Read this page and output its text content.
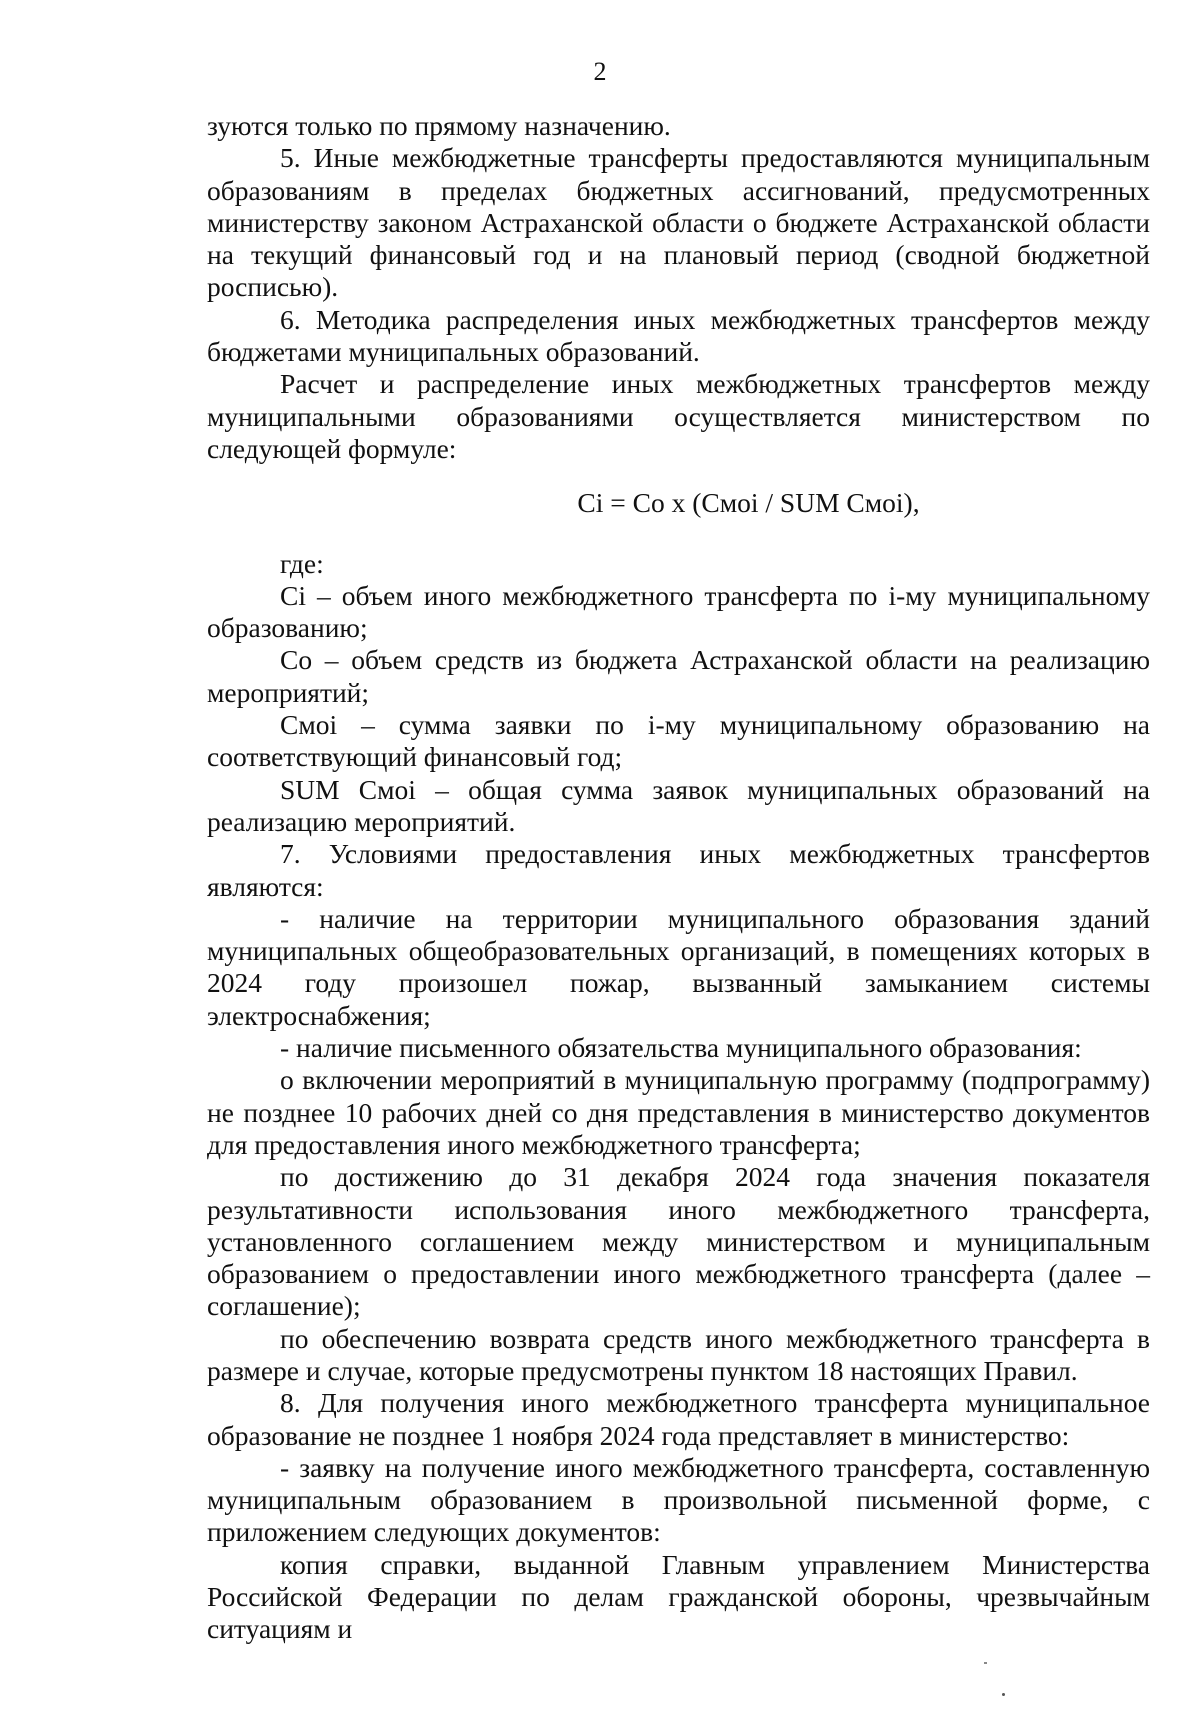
2

зуются только по прямому назначению.

5. Иные межбюджетные трансферты предоставляются муниципальным образованиям в пределах бюджетных ассигнований, предусмотренных министерству законом Астраханской области о бюджете Астраханской области на текущий финансовый год и на плановый период (сводной бюджетной росписью).

6. Методика распределения иных межбюджетных трансфертов между бюджетами муниципальных образований.

Расчет и распределение иных межбюджетных трансфертов между муниципальными образованиями осуществляется министерством по следующей формуле:

Ci = Co x (Cмoi / SUM Cмoi),

где:

Ci – объем иного межбюджетного трансферта по i-му муниципальному образованию;

Co – объем средств из бюджета Астраханской области на реализацию мероприятий;

Cмoi – сумма заявки по i-му муниципальному образованию на соответствующий финансовый год;

SUM Cмoi – общая сумма заявок муниципальных образований на реализацию мероприятий.

7. Условиями предоставления иных межбюджетных трансфертов являются:

- наличие на территории муниципального образования зданий муниципальных общеобразовательных организаций, в помещениях которых в 2024 году произошел пожар, вызванный замыканием системы электроснабжения;

- наличие письменного обязательства муниципального образования:

о включении мероприятий в муниципальную программу (подпрограмму) не позднее 10 рабочих дней со дня представления в министерство документов для предоставления иного межбюджетного трансферта;

по достижению до 31 декабря 2024 года значения показателя результативности использования иного межбюджетного трансферта, установленного соглашением между министерством и муниципальным образованием о предоставлении иного межбюджетного трансферта (далее – соглашение);

по обеспечению возврата средств иного межбюджетного трансферта в размере и случае, которые предусмотрены пунктом 18 настоящих Правил.

8. Для получения иного межбюджетного трансферта муниципальное образование не позднее 1 ноября 2024 года представляет в министерство:

- заявку на получение иного межбюджетного трансферта, составленную муниципальным образованием в произвольной письменной форме, с приложением следующих документов:

копия справки, выданной Главным управлением Министерства Российской Федерации по делам гражданской обороны, чрезвычайным ситуациям и
